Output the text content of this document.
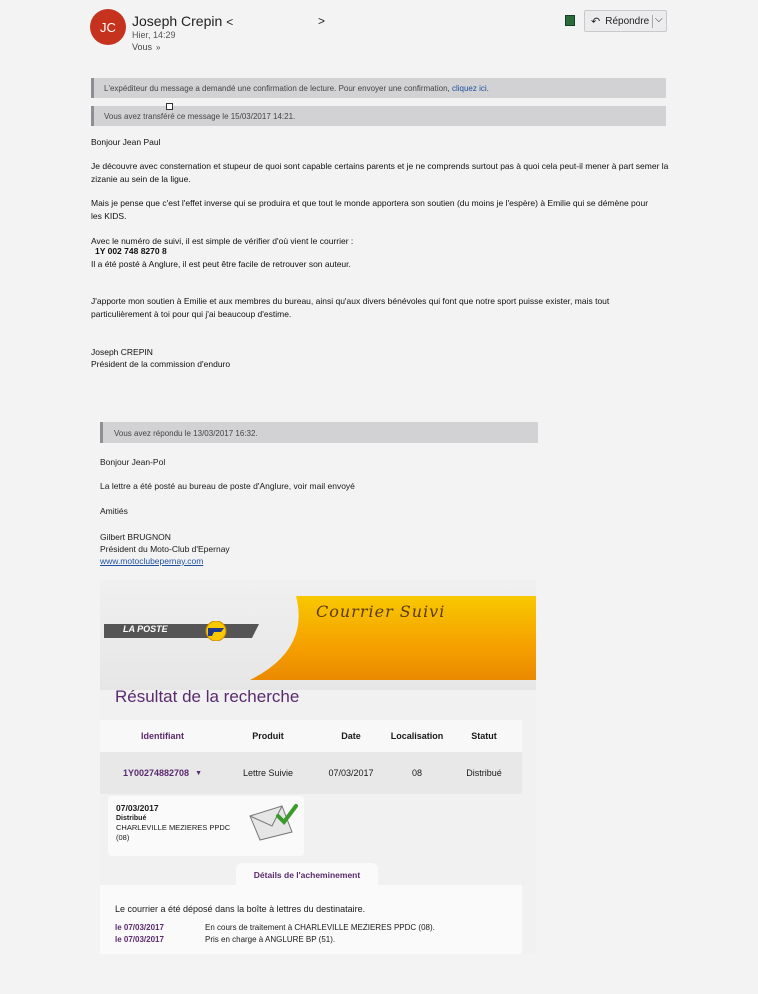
JC	Joseph Crepin <	>
Hier, 14:29
Vous »
↶ Répondre ⌵
L'expéditeur du message a demandé une confirmation de lecture. Pour envoyer une confirmation, cliquez ici.
Vous avez transféré ce message le 15/03/2017 14:21.
Bonjour Jean Paul
Je découvre avec consternation et stupeur de quoi sont capable certains parents et je ne comprends surtout pas à quoi cela peut-il mener à part semer la zizanie au sein de la ligue.
Mais je pense que c'est l'effet inverse qui se produira et que tout le monde apportera son soutien (du moins je l'espère) à Emilie qui se démène pour les KIDS.
Avec le numéro de suivi, il est simple de vérifier d'où vient le courrier :
1Y 002 748 8270 8
Il a été posté à Anglure, il est peut être facile de retrouver son auteur.
J'apporte mon soutien à Emilie et aux membres du bureau, ainsi qu'aux divers bénévoles qui font que notre sport puisse exister, mais tout particulièrement à toi pour qui j'ai beaucoup d'estime.
Joseph CREPIN
Président de la commission d'enduro
Vous avez répondu le 13/03/2017 16:32.
Bonjour Jean-Pol
La lettre a été posté au bureau de poste d'Anglure, voir mail envoyé
Amitiés
Gilbert BRUGNON
Président du Moto-Club d'Epernay
www.motoclubepernay.com
LA POSTE
Courrier Suivi
Résultat de la recherche
Identifiant	Produit	Date	Localisation	Statut
1Y00274882708 ▼	Lettre Suivie	07/03/2017	08	Distribué
07/03/2017
Distribué
CHARLEVILLE MEZIERES PPDC
(08)
Détails de l'acheminement
Le courrier a été déposé dans la boîte à lettres du destinataire.
le 07/03/2017	En cours de traitement à CHARLEVILLE MEZIERES PPDC (08).
le 07/03/2017	Pris en charge à ANGLURE BP (51).
